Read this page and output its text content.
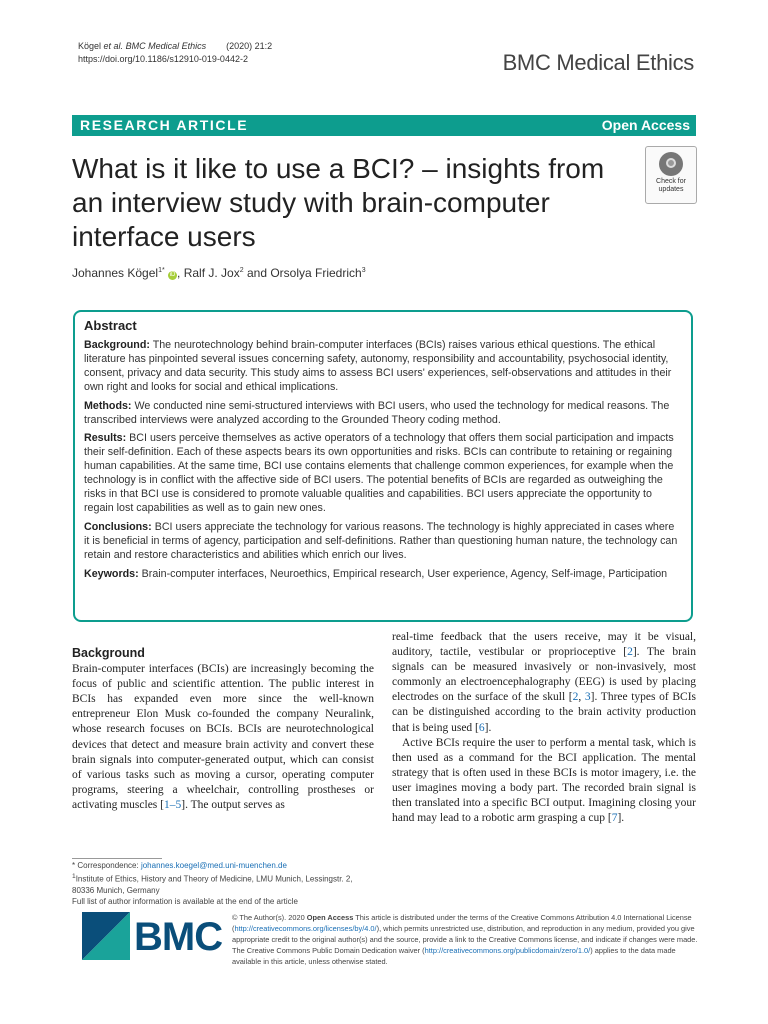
Kögel et al. BMC Medical Ethics (2020) 21:2
https://doi.org/10.1186/s12910-019-0442-2	BMC Medical Ethics
RESEARCH ARTICLE	Open Access
What is it like to use a BCI? – insights from an interview study with brain-computer interface users
Check for
updates
Johannes Kögel$^{1*}$ iD , Ralf J. Jox$^2$ and Orsolya Friedrich$^3$
Abstract

Background: The neurotechnology behind brain-computer interfaces (BCIs) raises various ethical questions. The ethical literature has pinpointed several issues concerning safety, autonomy, responsibility and accountability, psychosocial identity, consent, privacy and data security. This study aims to assess BCI users' experiences, self-observations and attitudes in their own right and looks for social and ethical implications.

Methods: We conducted nine semi-structured interviews with BCI users, who used the technology for medical reasons. The transcribed interviews were analyzed according to the Grounded Theory coding method.

Results: BCI users perceive themselves as active operators of a technology that offers them social participation and impacts their self-definition. Each of these aspects bears its own opportunities and risks. BCIs can contribute to retaining or regaining human capabilities. At the same time, BCI use contains elements that challenge common experiences, for example when the technology is in conflict with the affective side of BCI users. The potential benefits of BCIs are regarded as outweighing the risks in that BCI use is considered to promote valuable qualities and capabilities. BCI users appreciate the opportunity to regain lost capabilities as well as to gain new ones.

Conclusions: BCI users appreciate the technology for various reasons. The technology is highly appreciated in cases where it is beneficial in terms of agency, participation and self-definitions. Rather than questioning human nature, the technology can retain and restore characteristics and abilities which enrich our lives.

Keywords: Brain-computer interfaces, Neuroethics, Empirical research, User experience, Agency, Self-image, Participation

Background

Brain-computer interfaces (BCIs) are increasingly becoming the focus of public and scientific attention. The public interest in BCIs has expanded even more since the well-known entrepreneur Elon Musk co-founded the company Neuralink, whose research focuses on BCIs. BCIs are neurotechnological devices that detect and measure brain activity and convert these brain signals into computer-generated output, which can consist of various tasks such as moving a cursor, operating computer programs, steering a wheelchair, controlling prostheses or activating muscles [1–5]. The output serves as

real-time feedback that the users receive, may it be visual, auditory, tactile, vestibular or proprioceptive [2]. The brain signals can be measured invasively or non-invasively, most commonly an electroencephalography (EEG) is used by placing electrodes on the surface of the skull [2, 3]. Three types of BCIs can be distinguished according to the brain activity production that is being used [6].

Active BCIs require the user to perform a mental task, which is then used as a command for the BCI application. The mental strategy that is often used in these BCIs is motor imagery, i.e. the user imagines moving a body part. The recorded brain signal is then translated into a specific BCI output. Imagining closing your hand may lead to a robotic arm grasping a cup [7].

* Correspondence: johannes.koegel@med.uni-muenchen.de
$^1$Institute of Ethics, History and Theory of Medicine, LMU Munich, Lessingstr. 2, 80336 Munich, Germany
Full list of author information is available at the end of the article
BMC © The Author(s). 2020 Open Access This article is distributed under the terms of the Creative Commons Attribution 4.0 International License (http://creativecommons.org/licenses/by/4.0/), which permits unrestricted use, distribution, and reproduction in any medium, provided you give appropriate credit to the original author(s) and the source, provide a link to the Creative Commons license, and indicate if changes were made. The Creative Commons Public Domain Dedication waiver (http://creativecommons.org/publicdomain/zero/1.0/) applies to the data made available in this article, unless otherwise stated.
